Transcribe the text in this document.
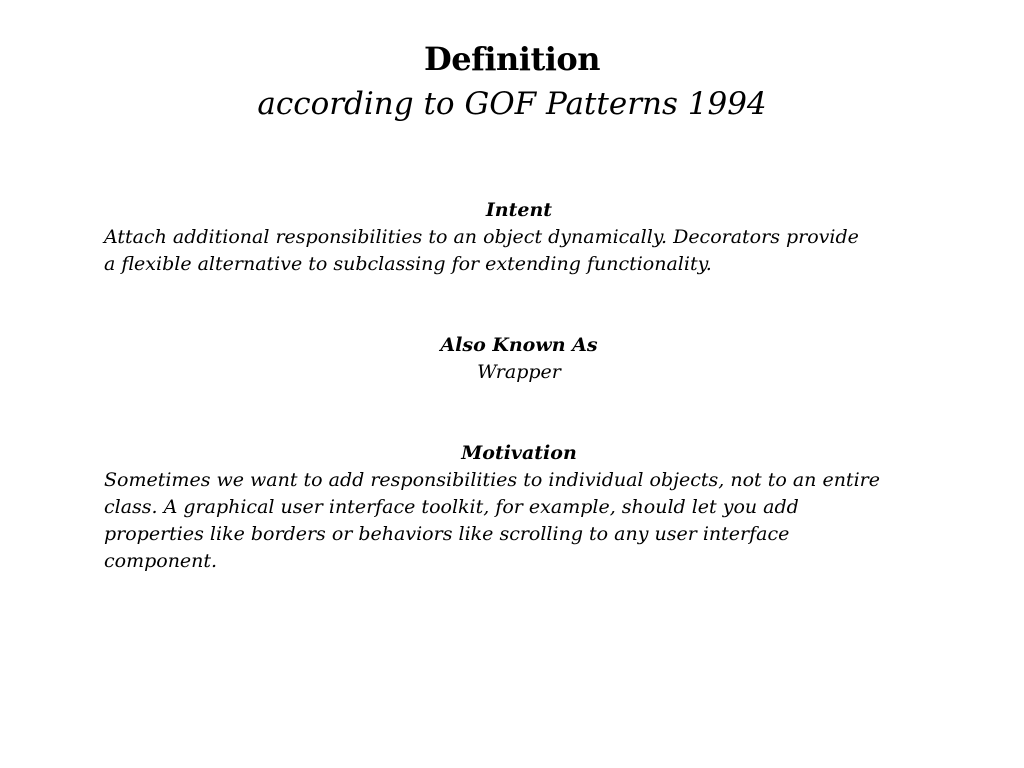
Definition
according to GOF Patterns 1994
Intent
Attach additional responsibilities to an object dynamically. Decorators provide
a flexible alternative to subclassing for extending functionality.
Also Known As
Wrapper
Motivation
Sometimes we want to add responsibilities to individual objects, not to an entire
class. A graphical user interface toolkit, for example, should let you add
properties like borders or behaviors like scrolling to any user interface
component.
